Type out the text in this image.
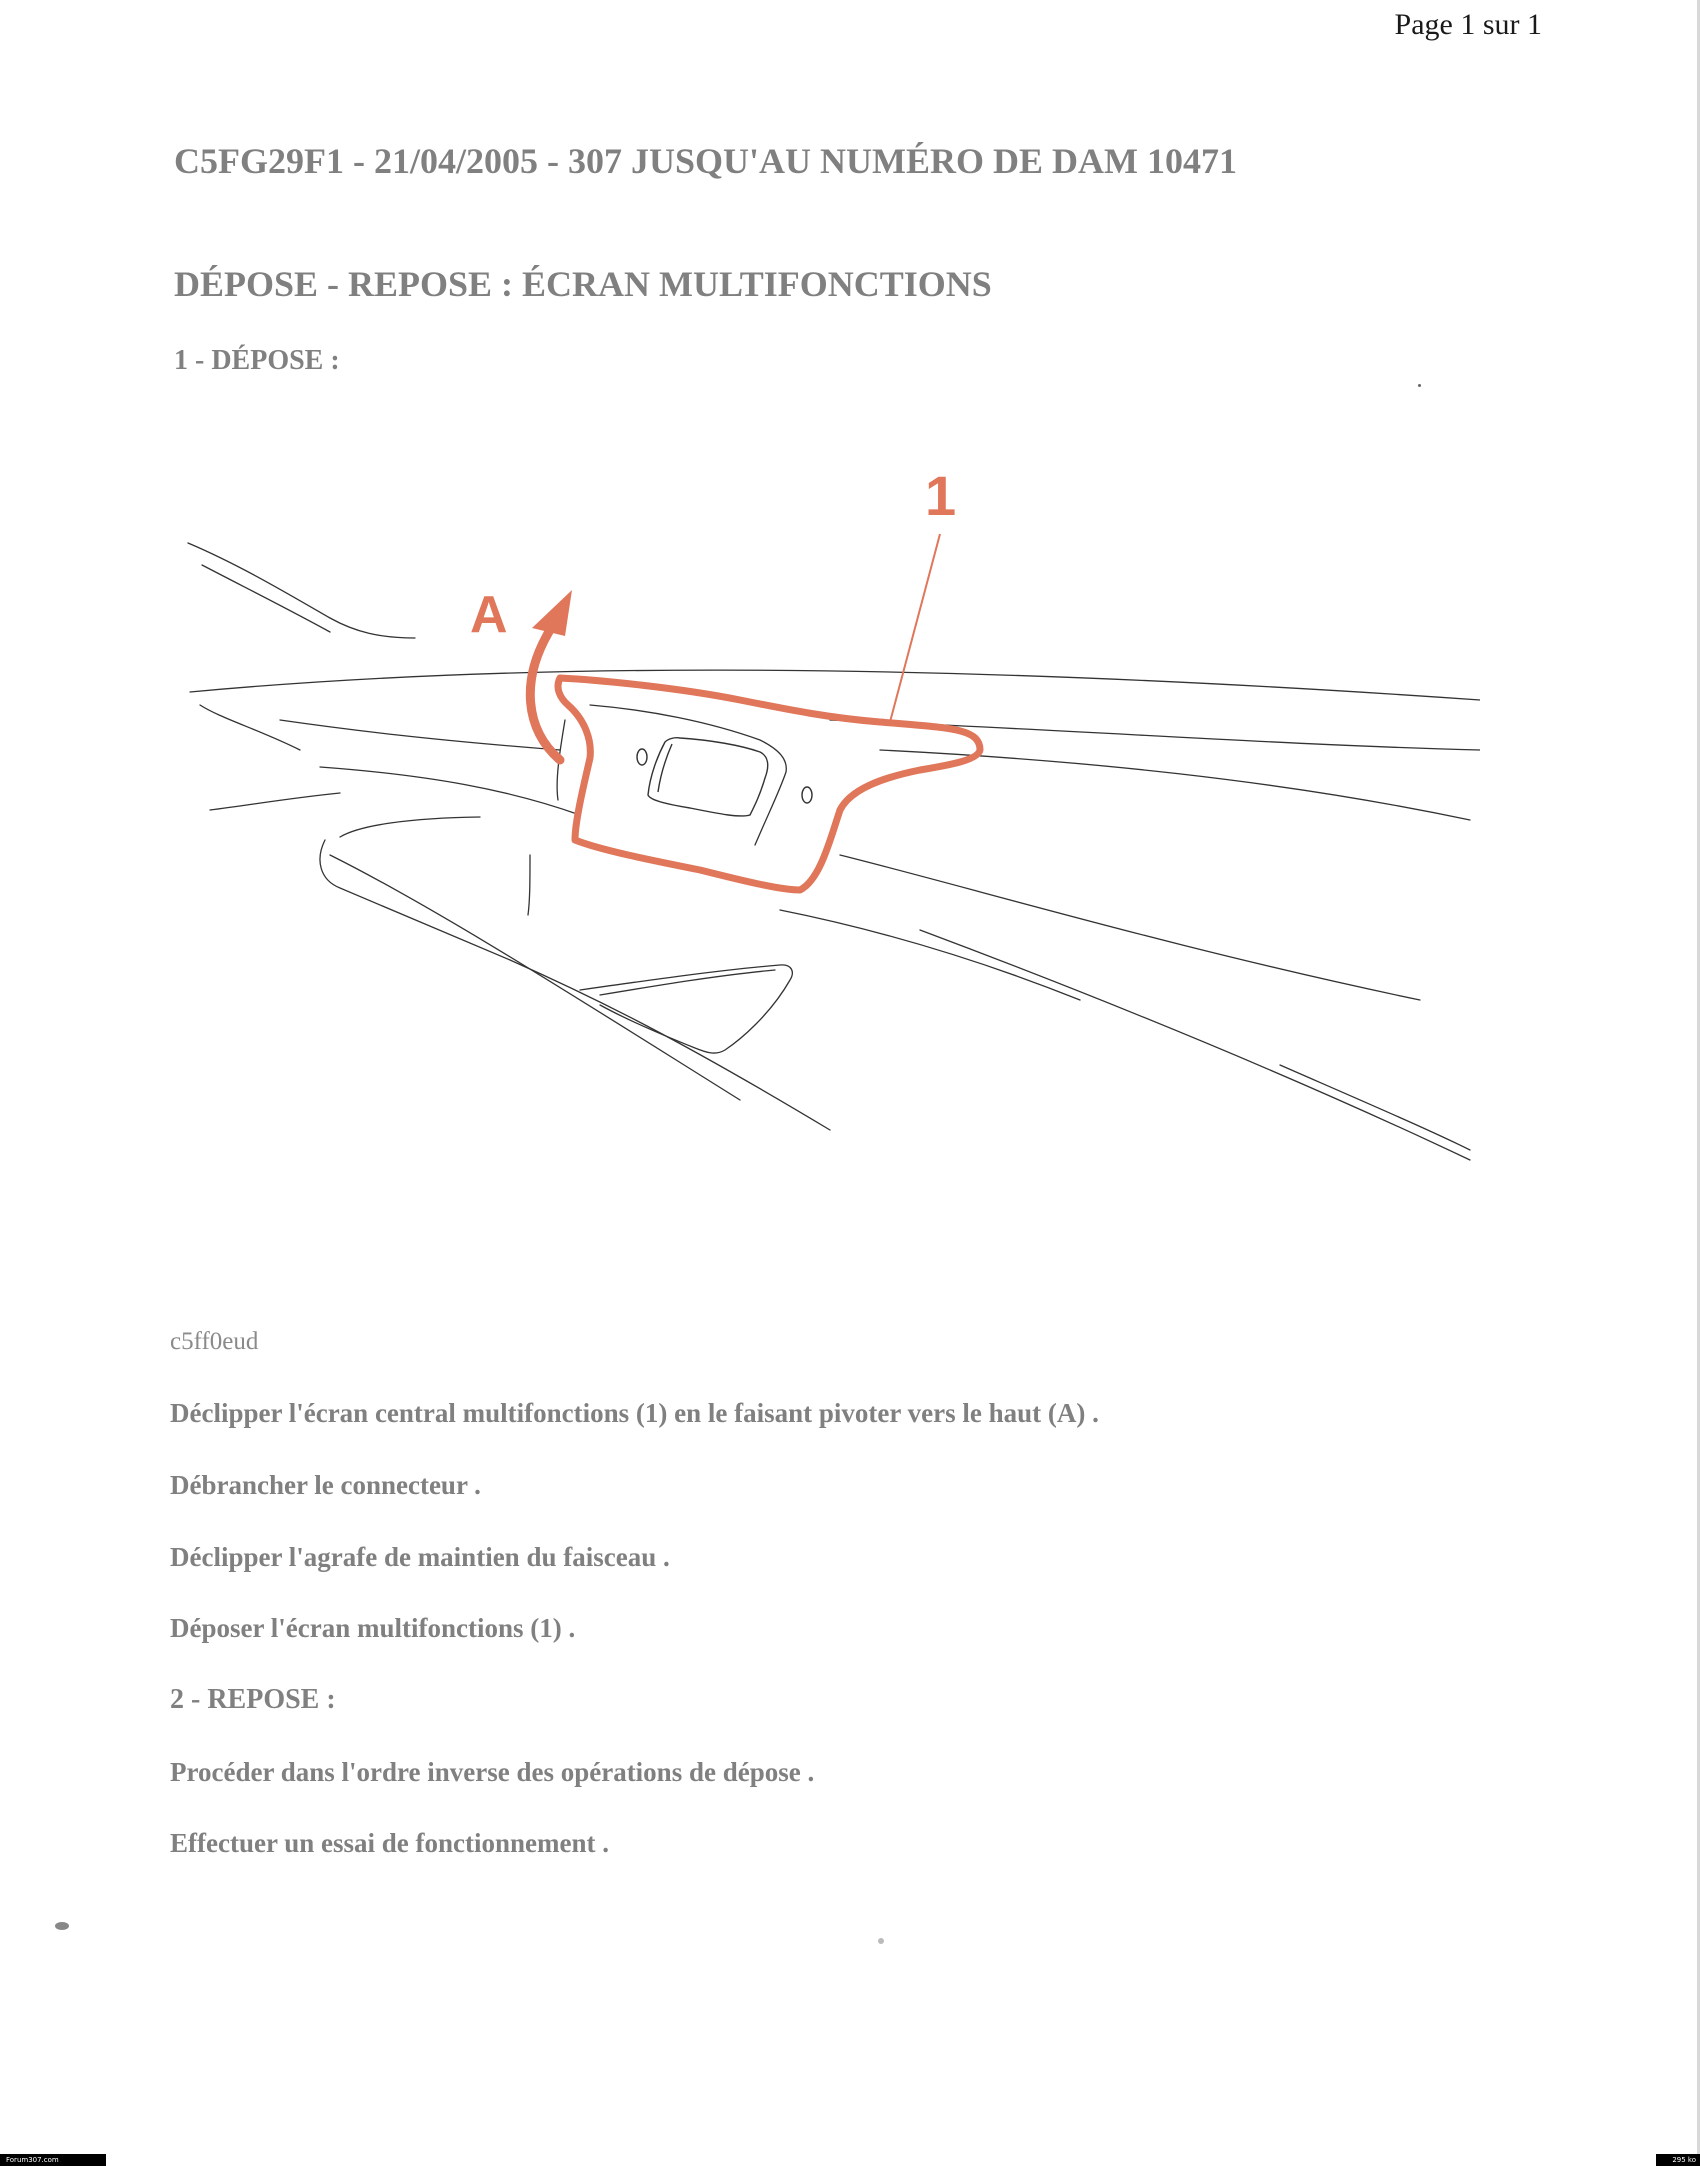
Page 1 sur 1
C5FG29F1 - 21/04/2005 - 307 JUSQU'AU NUMÉRO DE DAM 10471
DÉPOSE - REPOSE : ÉCRAN MULTIFONCTIONS
1 - DÉPOSE :
A
1
c5ff0eud
Déclipper l'écran central multifonctions (1) en le faisant pivoter vers le haut (A) .
Débrancher le connecteur .
Déclipper l'agrafe de maintien du faisceau .
Déposer l'écran multifonctions (1) .
2 - REPOSE :
Procéder dans l'ordre inverse des opérations de dépose .
Effectuer un essai de fonctionnement .
Forum307.com	295 ko
